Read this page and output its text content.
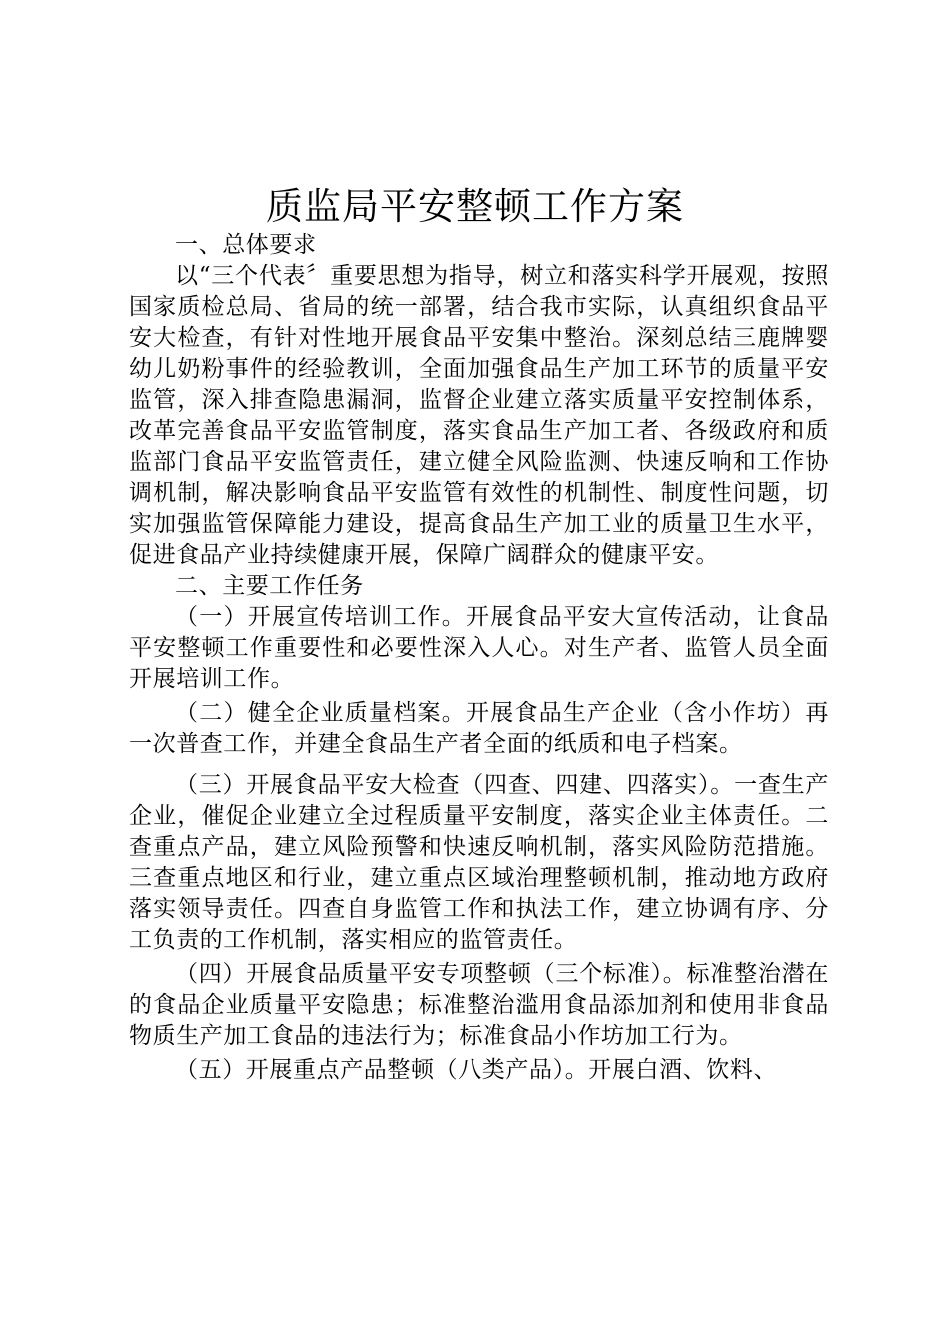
质监局平安整顿工作方案

一、总体要求

以“三个代表〞重要思想为指导，树立和落实科学开展观，按照国家质检总局、省局的统一部署，结合我市实际，认真组织食品平安大检查，有针对性地开展食品平安集中整治。深刻总结三鹿牌婴幼儿奶粉事件的经验教训，全面加强食品生产加工环节的质量平安监管，深入排查隐患漏洞，监督企业建立落实质量平安控制体系，改革完善食品平安监管制度，落实食品生产加工者、各级政府和质监部门食品平安监管责任，建立健全风险监测、快速反响和工作协调机制，解决影响食品平安监管有效性的机制性、制度性问题，切实加强监管保障能力建设，提高食品生产加工业的质量卫生水平，促进食品产业持续健康开展，保障广阔群众的健康平安。

二、主要工作任务

（一）开展宣传培训工作。开展食品平安大宣传活动，让食品平安整顿工作重要性和必要性深入人心。对生产者、监管人员全面开展培训工作。

（二）健全企业质量档案。开展食品生产企业（含小作坊）再一次普查工作，并建全食品生产者全面的纸质和电子档案。

（三）开展食品平安大检查（四查、四建、四落实）。一查生产企业，催促企业建立全过程质量平安制度，落实企业主体责任。二查重点产品，建立风险预警和快速反响机制，落实风险防范措施。三查重点地区和行业，建立重点区域治理整顿机制，推动地方政府落实领导责任。四查自身监管工作和执法工作，建立协调有序、分工负责的工作机制，落实相应的监管责任。

（四）开展食品质量平安专项整顿（三个标准）。标准整治潜在的食品企业质量平安隐患；标准整治滥用食品添加剂和使用非食品物质生产加工食品的违法行为；标准食品小作坊加工行为。

（五）开展重点产品整顿（八类产品）。开展白酒、饮料、
